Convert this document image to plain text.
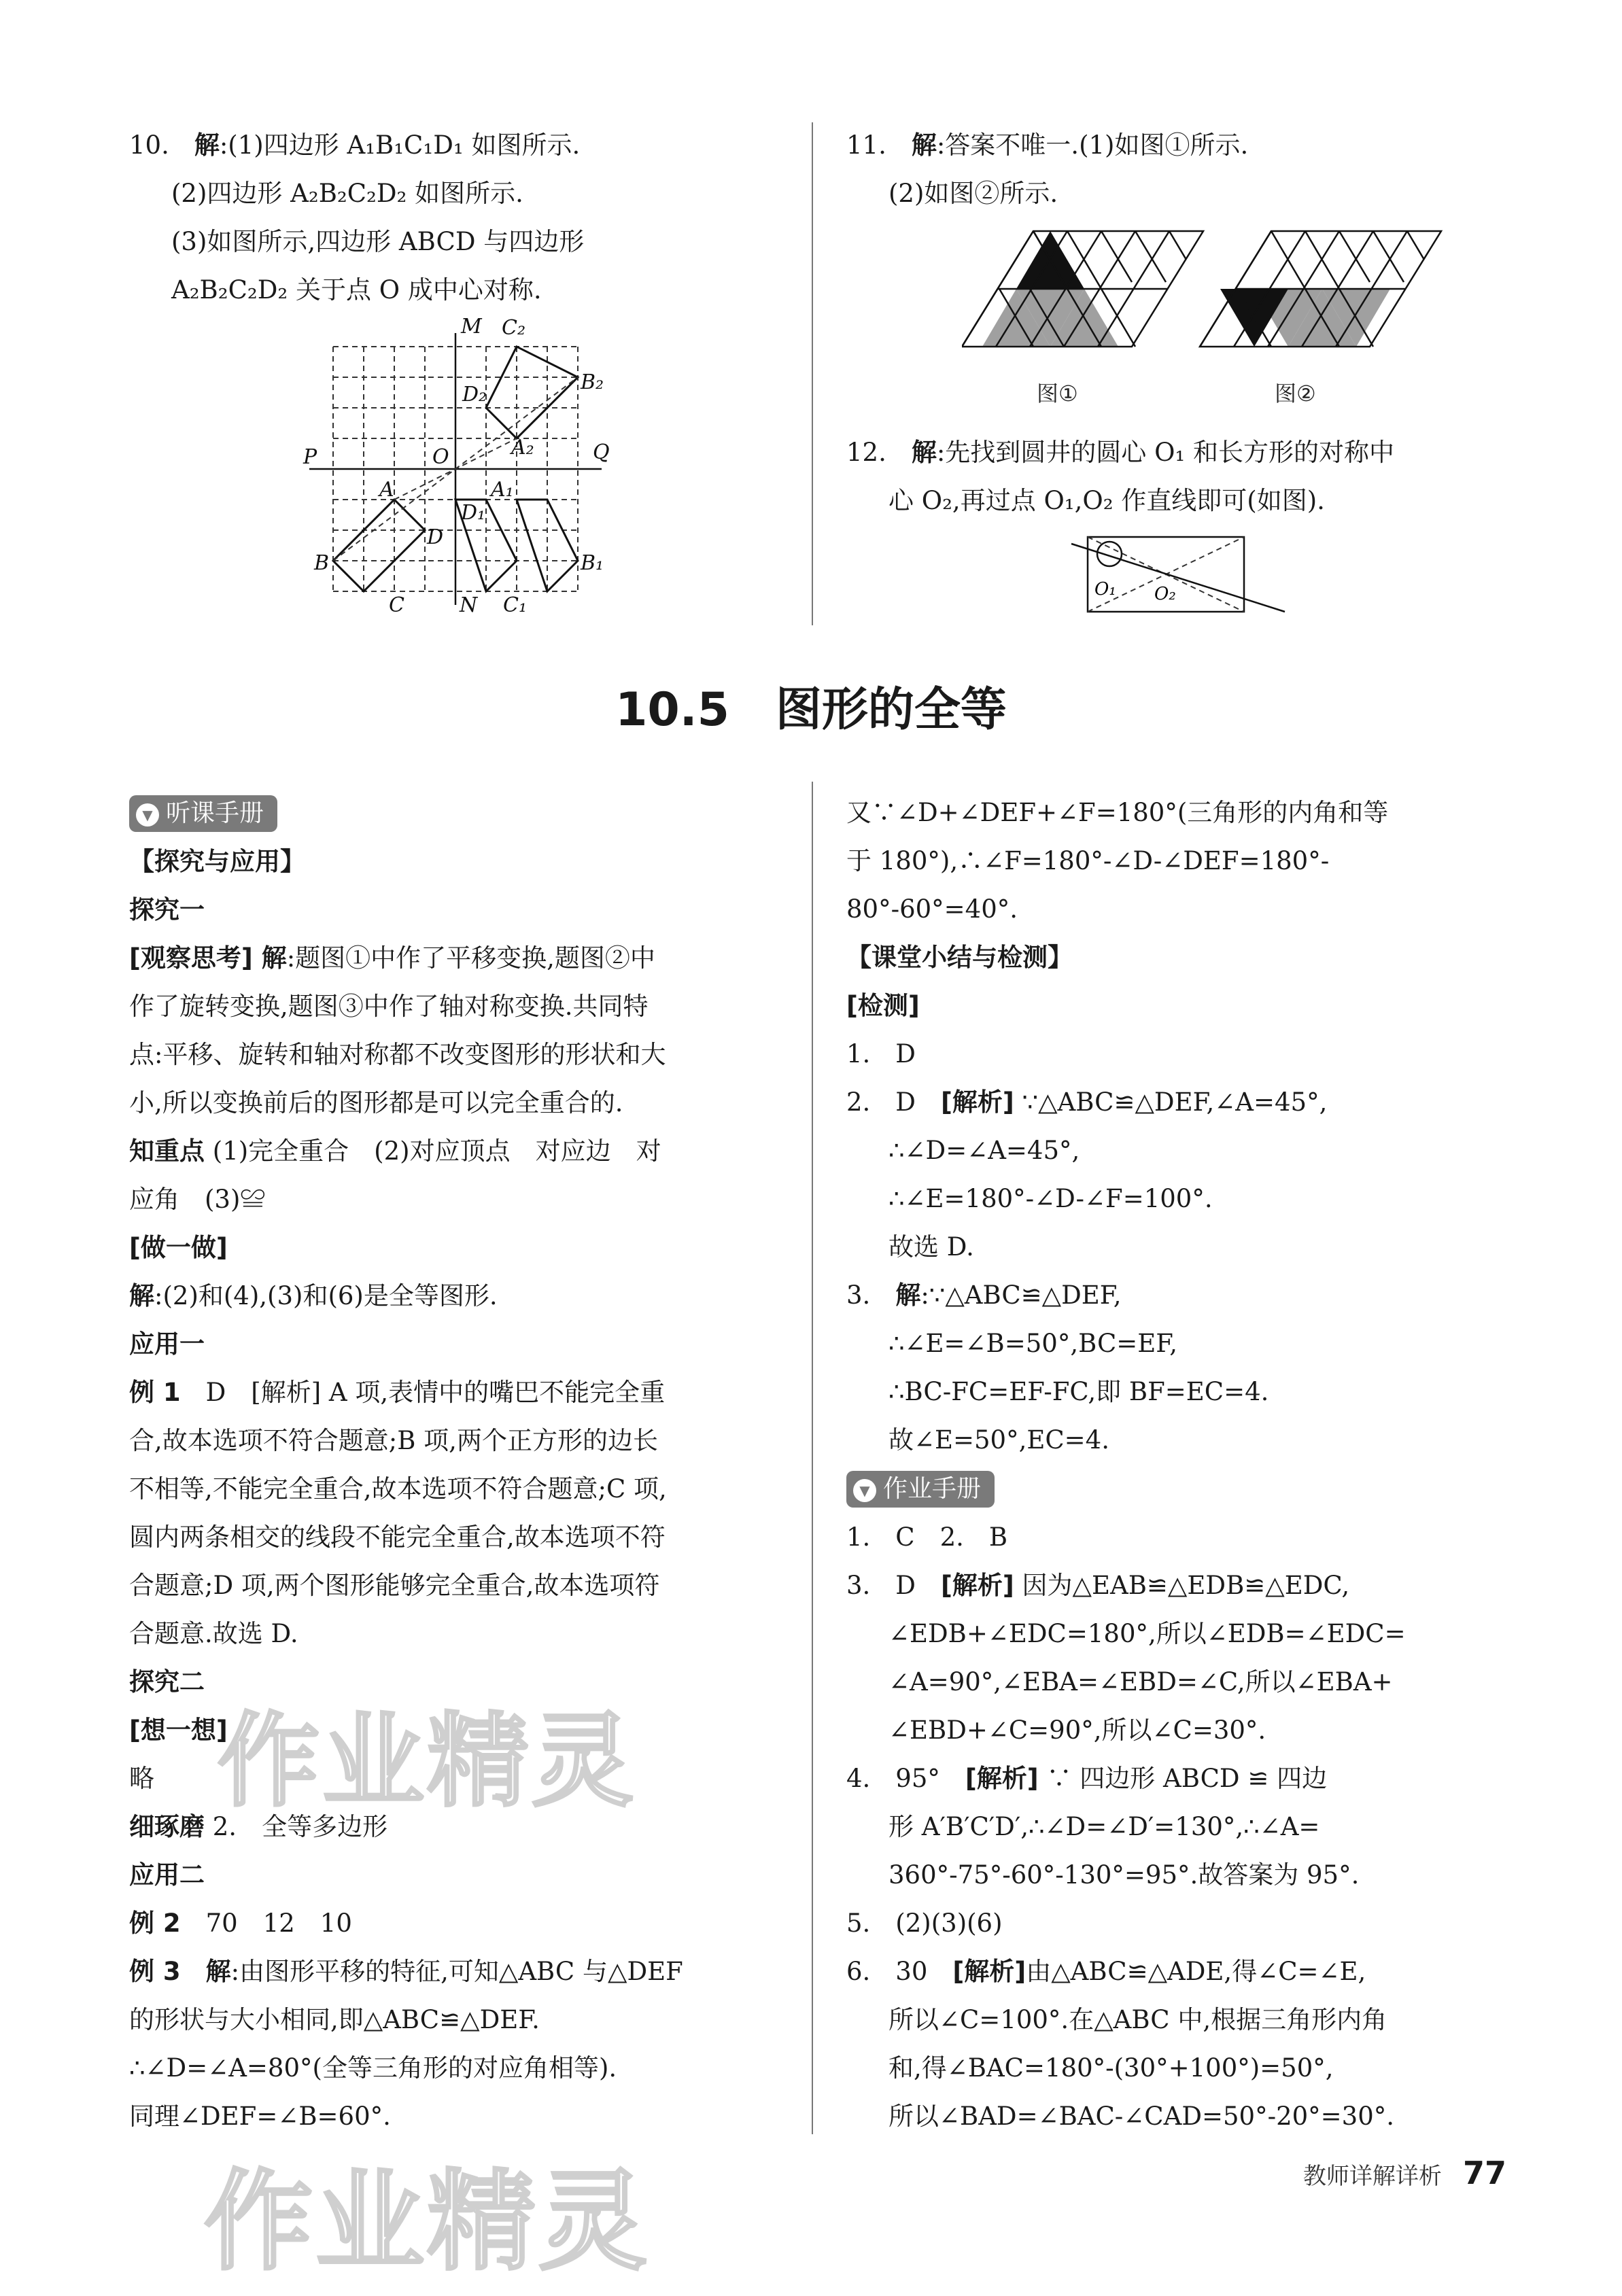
10.　 解:(1)四边形 A₁B₁C₁D₁ 如图所示.
(2)四边形 A₂B₂C₂D₂ 如图所示.
(3)如图所示,四边形 ABCD 与四边形
A₂B₂C₂D₂ 关于点 O 成中心对称.
M C₂
B₂
D₂
A₂
P	O	Q
A	A₁
D₁
D
B	B₁
C	N C₁
11.　 解:答案不唯一.(1)如图①所示.
(2)如图②所示.
图①	图②
12.　 解:先找到圆井的圆心 O₁ 和长方形的对称中
心 O₂,再过点 O₁,O₂ 作直线即可(如图).
O₁ O₂
10.5　图形的全等
▼ 听课手册
【探究与应用】
探究一
[观察思考] 解:题图①中作了平移变换,题图②中
作了旋转变换,题图③中作了轴对称变换.共同特
点:平移、旋转和轴对称都不改变图形的形状和大
小,所以变换前后的图形都是可以完全重合的.
知重点 (1)完全重合　(2)对应顶点　对应边　对
应角　(3)≌
[做一做]
解:(2)和(4),(3)和(6)是全等图形.
应用一
例 1　D　[解析] A 项,表情中的嘴巴不能完全重
合,故本选项不符合题意;B 项,两个正方形的边长
不相等,不能完全重合,故本选项不符合题意;C 项,
圆内两条相交的线段不能完全重合,故本选项不符
合题意;D 项,两个图形能够完全重合,故本选项符
合题意.故选 D.
探究二
[想一想]
略
细琢磨 2.　全等多边形
应用二
例 2　70　12　10
例 3　解:由图形平移的特征,可知△ABC 与△DEF
的形状与大小相同,即△ABC≌△DEF.
∴∠D=∠A=80°(全等三角形的对应角相等).
同理∠DEF=∠B=60°.
又∵∠D+∠DEF+∠F=180°(三角形的内角和等
于 180°),∴∠F=180°-∠D-∠DEF=180°-
80°-60°=40°.
【课堂小结与检测】
[检测]
1.　D
2.　D　[解析] ∵△ABC≌△DEF,∠A=45°,
∴∠D=∠A=45°,
∴∠E=180°-∠D-∠F=100°.
故选 D.
3.　解:∵△ABC≌△DEF,
∴∠E=∠B=50°,BC=EF,
∴BC-FC=EF-FC,即 BF=EC=4.
故∠E=50°,EC=4.
▼ 作业手册
1.　C　2.　B
3.　D　[解析] 因为△EAB≌△EDB≌△EDC,
∠EDB+∠EDC=180°,所以∠EDB=∠EDC=
∠A=90°,∠EBA=∠EBD=∠C,所以∠EBA+
∠EBD+∠C=90°,所以∠C=30°.
4.　95°　[解析] ∵ 四边形 ABCD ≌ 四边
形 A′B′C′D′,∴∠D=∠D′=130°,∴∠A=
360°-75°-60°-130°=95°.故答案为 95°.
5.　(2)(3)(6)
6.　30　[解析]由△ABC≌△ADE,得∠C=∠E,
所以∠C=100°.在△ABC 中,根据三角形内角
和,得∠BAC=180°-(30°+100°)=50°,
所以∠BAD=∠BAC-∠CAD=50°-20°=30°.
作业精灵
作业精灵	教师详解详析 77
